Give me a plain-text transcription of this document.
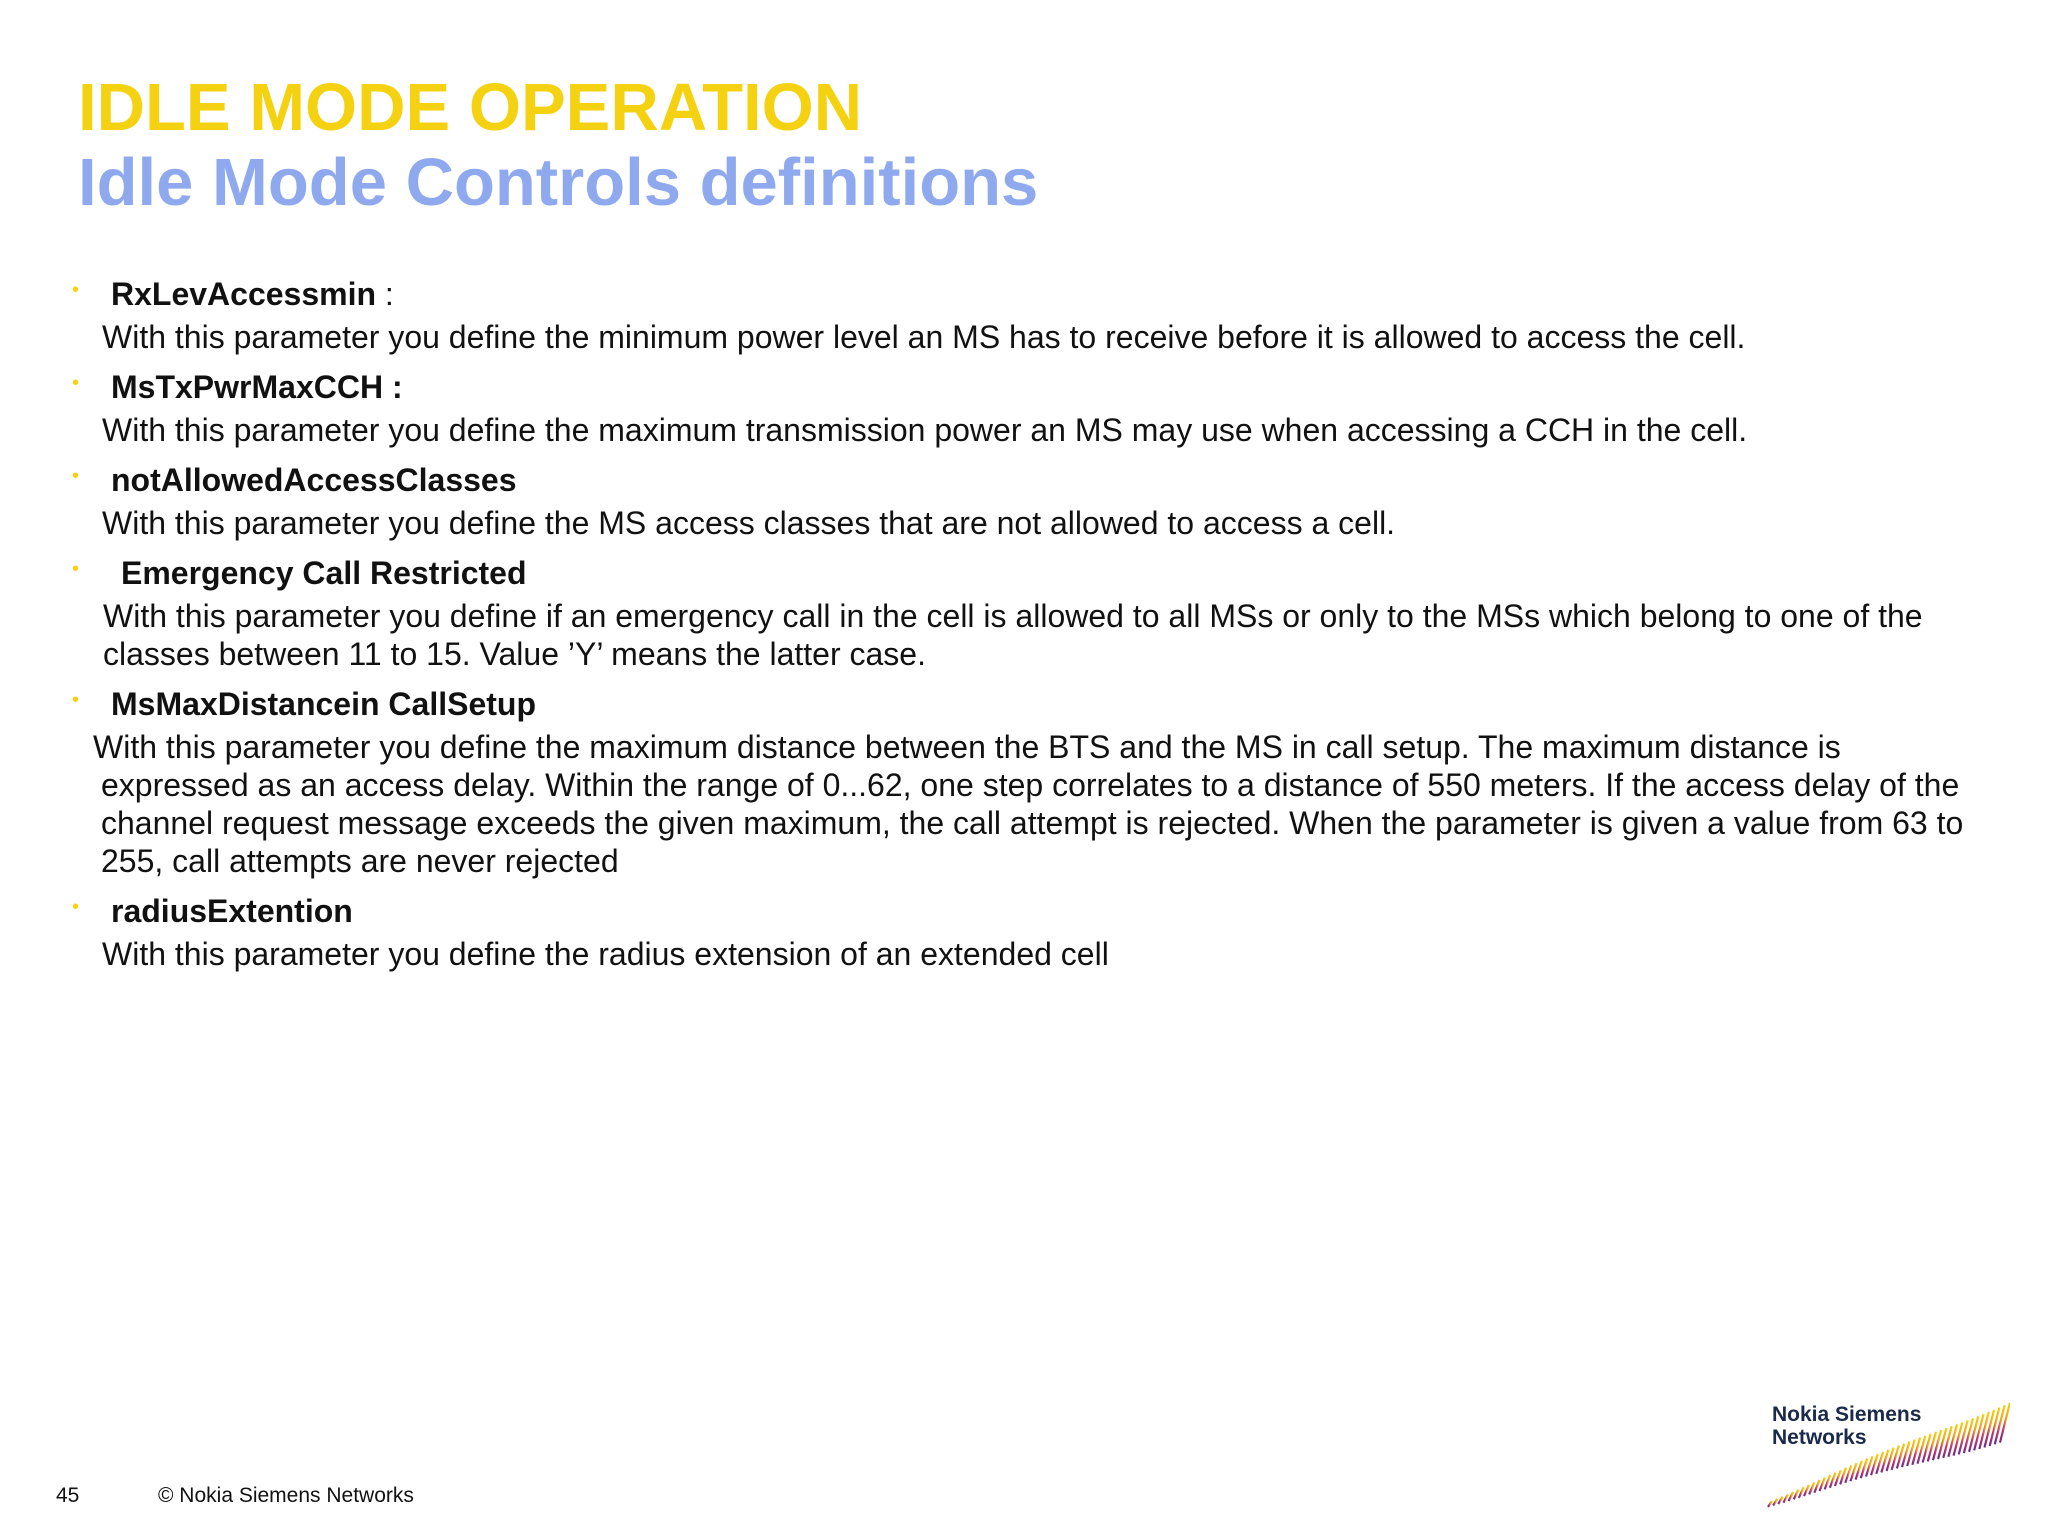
IDLE MODE OPERATION
Idle Mode Controls definitions
• RxLevAccessmin :
With this parameter you define the minimum power level an MS has to receive before it is allowed to access the cell.
• MsTxPwrMaxCCH :
With this parameter you define the maximum transmission power an MS may use when accessing a CCH in the cell.
• notAllowedAccessClasses
With this parameter you define the MS access classes that are not allowed to access a cell.
• Emergency Call Restricted
With this parameter you define if an emergency call in the cell is allowed to all MSs or only to the MSs which belong to one of the classes between 11 to 15. Value ’Y’ means the latter case.
• MsMaxDistancein CallSetup
With this parameter you define the maximum distance between the BTS and the MS in call setup. The maximum distance is expressed as an access delay. Within the range of 0...62, one step correlates to a distance of 550 meters. If the access delay of the channel request message exceeds the given maximum, the call attempt is rejected. When the parameter is given a value from 63 to 255, call attempts are never rejected
• radiusExtention
With this parameter you define the radius extension of an extended cell
45	© Nokia Siemens Networks
Nokia Siemens
Networks
